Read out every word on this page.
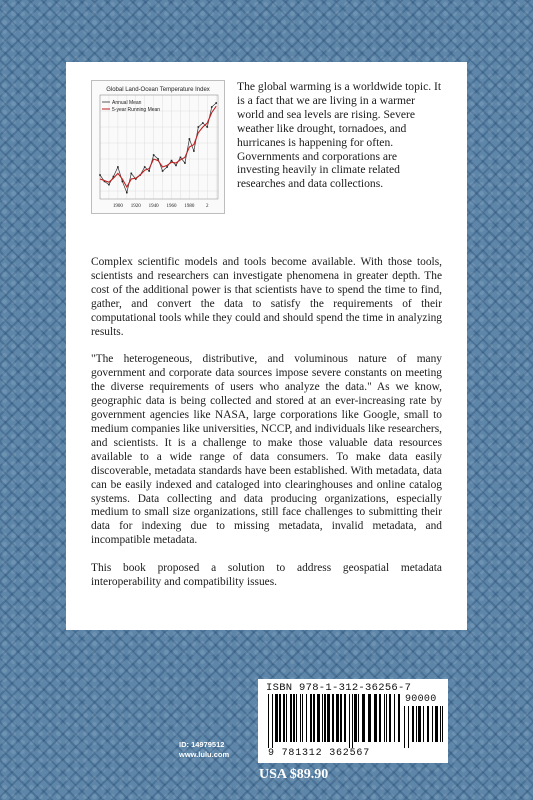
Global Land-Ocean Temperature Index
Annual Mean
5-year Running Mean
1900 1920 1940 1960 1980 2

The global warming is a worldwide topic. It is a fact that we are living in a warmer world and sea levels are rising. Severe weather like drought, tornadoes, and hurricanes is happening for often. Governments and corporations are investing heavily in climate related researches and data collections.

Complex scientific models and tools become available. With those tools, scientists and researchers can investigate phenomena in greater depth. The cost of the additional power is that scientists have to spend the time to find, gather, and convert the data to satisfy the requirements of their computational tools while they could and should spend the time in analyzing results.

"The heterogeneous, distributive, and voluminous nature of many government and corporate data sources impose severe constants on meeting the diverse requirements of users who analyze the data." As we know, geographic data is being collected and stored at an ever-increasing rate by government agencies like NASA, large corporations like Google, small to medium companies like universities, NCCP, and individuals like researchers, and scientists. It is a challenge to make those valuable data resources available to a wide range of data consumers. To make data easily discoverable, metadata standards have been established. With metadata, data can be easily indexed and cataloged into clearinghouses and online catalog systems. Data collecting and data producing organizations, especially medium to small size organizations, still face challenges to submitting their data for indexing due to missing metadata, invalid metadata, and incompatible metadata.

This book proposed a solution to address geospatial metadata interoperability and compatibility issues.

ID: 14979512
www.lulu.com
ISBN 978-1-312-36256-7
90000
9 781312 362567
USA $89.90
